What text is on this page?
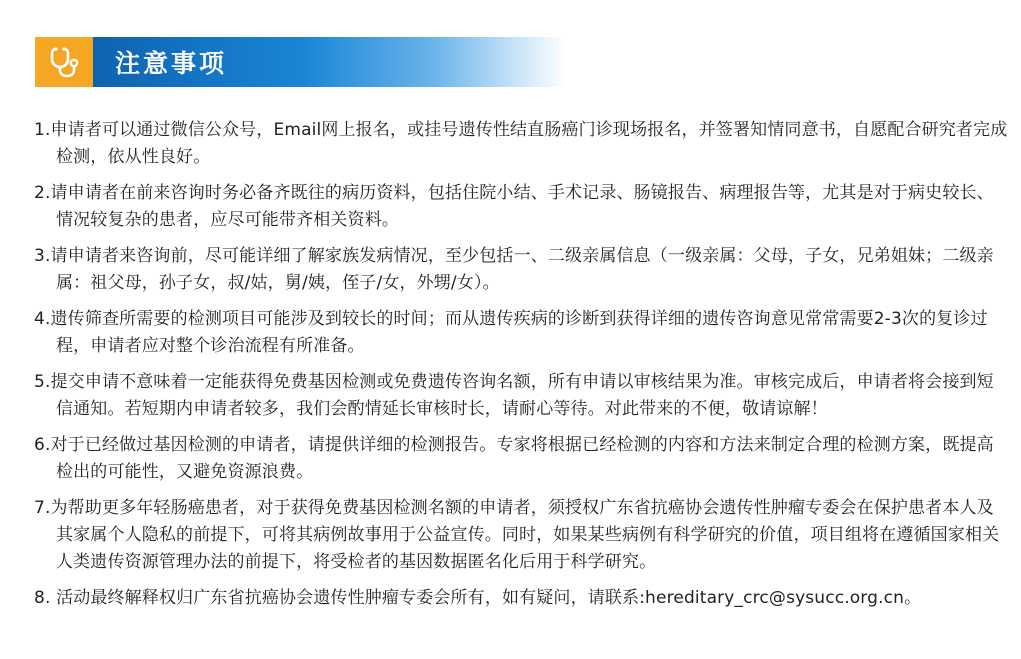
注意事项

1.申请者可以通过微信公众号，Email网上报名，或挂号遗传性结直肠癌门诊现场报名，并签署知情同意书，自愿配合研究者完成检测，依从性良好。

2.请申请者在前来咨询时务必备齐既往的病历资料，包括住院小结、手术记录、肠镜报告、病理报告等，尤其是对于病史较长、情况较复杂的患者，应尽可能带齐相关资料。

3.请申请者来咨询前，尽可能详细了解家族发病情况，至少包括一、二级亲属信息（一级亲属：父母，子女，兄弟姐妹；二级亲属：祖父母，孙子女，叔/姑，舅/姨，侄子/女，外甥/女）。

4.遗传筛查所需要的检测项目可能涉及到较长的时间；而从遗传疾病的诊断到获得详细的遗传咨询意见常常需要2-3次的复诊过程，申请者应对整个诊治流程有所准备。

5.提交申请不意味着一定能获得免费基因检测或免费遗传咨询名额，所有申请以审核结果为准。审核完成后，申请者将会接到短信通知。若短期内申请者较多，我们会酌情延长审核时长，请耐心等待。对此带来的不便，敬请谅解！

6.对于已经做过基因检测的申请者，请提供详细的检测报告。专家将根据已经检测的内容和方法来制定合理的检测方案，既提高检出的可能性，又避免资源浪费。

7.为帮助更多年轻肠癌患者，对于获得免费基因检测名额的申请者，须授权广东省抗癌协会遗传性肿瘤专委会在保护患者本人及其家属个人隐私的前提下，可将其病例故事用于公益宣传。同时，如果某些病例有科学研究的价值，项目组将在遵循国家相关人类遗传资源管理办法的前提下，将受检者的基因数据匿名化后用于科学研究。

8. 活动最终解释权归广东省抗癌协会遗传性肿瘤专委会所有，如有疑问，请联系:hereditary_crc@sysucc.org.cn。
